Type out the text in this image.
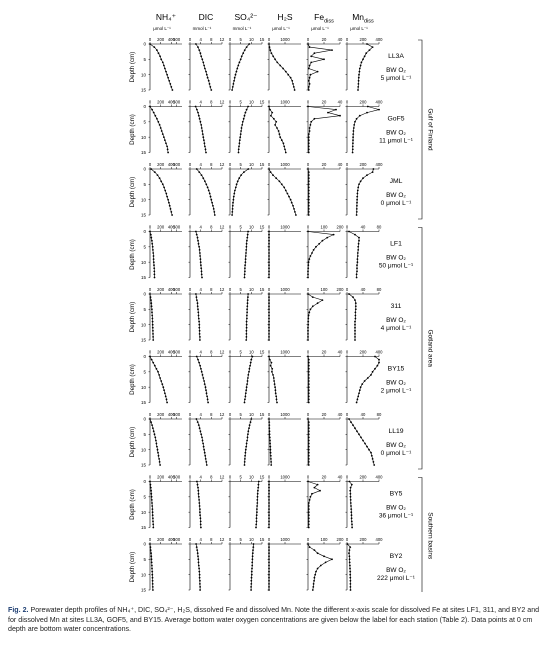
NH₄⁺
μmol L⁻¹
DIC
mmol L⁻¹
SO₄²⁻
mmol L⁻¹
H₂S
μmol L⁻¹
$Fe_{diss}$
μmol L⁻¹
$Mn_{diss}$
μmol L⁻¹
Gulf of Finland
Gotland area
Southern basins
Depth (cm)
0
5
10
15
0 200 400
500 0 4 8 12 0 5 10 15 0 1000	0	20	40 0	200 400
LL3A
BW O₂
5 μmol L⁻¹
Depth (cm)
0
5
10
15
0 200 400
500 0 4 8 12 0 5 10 15 0 1000	0	20	40 0	200 400
GoF5
BW O₂
11 μmol L⁻¹
Depth (cm)
0
5
10
15
0 200 400
500 0 4 8 12 0 5 10 15 0 1000	0	20	40 0	200 400
JML
BW O₂
0 μmol L⁻¹
Depth (cm)
0
5
10
15
0 200 400
500 0 4 8 12 0 5 10 15 0 1000	0	100 200 0	40	80
LF1
BW O₂
50 μmol L⁻¹
Depth (cm)
0
5
10
15
0 200 400
500 0 4 8 12 0 5 10 15 0 1000	0	100 200 0	40	80
311
BW O₂
4 μmol L⁻¹
Depth (cm)
0
5
10
15
0 200 400
500 0 4 8 12 0 5 10 15 0 1000	0	20	40 0	200 400
BY15
BW O₂
2 μmol L⁻¹
Depth (cm)
0
5
10
15
0 200 400
500 0 4 8 12 0 5 10 15 0 1000	0	20	40 0	40	80
LL19
BW O₂
0 μmol L⁻¹
Depth (cm)
0
5
10
15
0 200 400
500 0 4 8 12 0 5 10 15 0 1000	0	20	40 0	200 400
BY5
BW O₂
36 μmol L⁻¹
Depth (cm)
0
5
10
15
0 200 400
500 0 4 8 12 0 5 10 15 0 1000	0	100 200 0	200 400
BY2
BW O₂
222 μmol L⁻¹
Fig. 2. Porewater depth profiles of NH₄⁺, DIC, SO₄²⁻, H₂S, dissolved Fe and dissolved Mn. Note the different x-axis scale for dissolved Fe at sites LF1, 311, and BY2 and for dissolved Mn at sites LL3A, GOF5, and BY15. Average bottom water oxygen concentrations are given below the label for each station (Table 2). Data points at 0 cm depth are bottom water concentrations.
